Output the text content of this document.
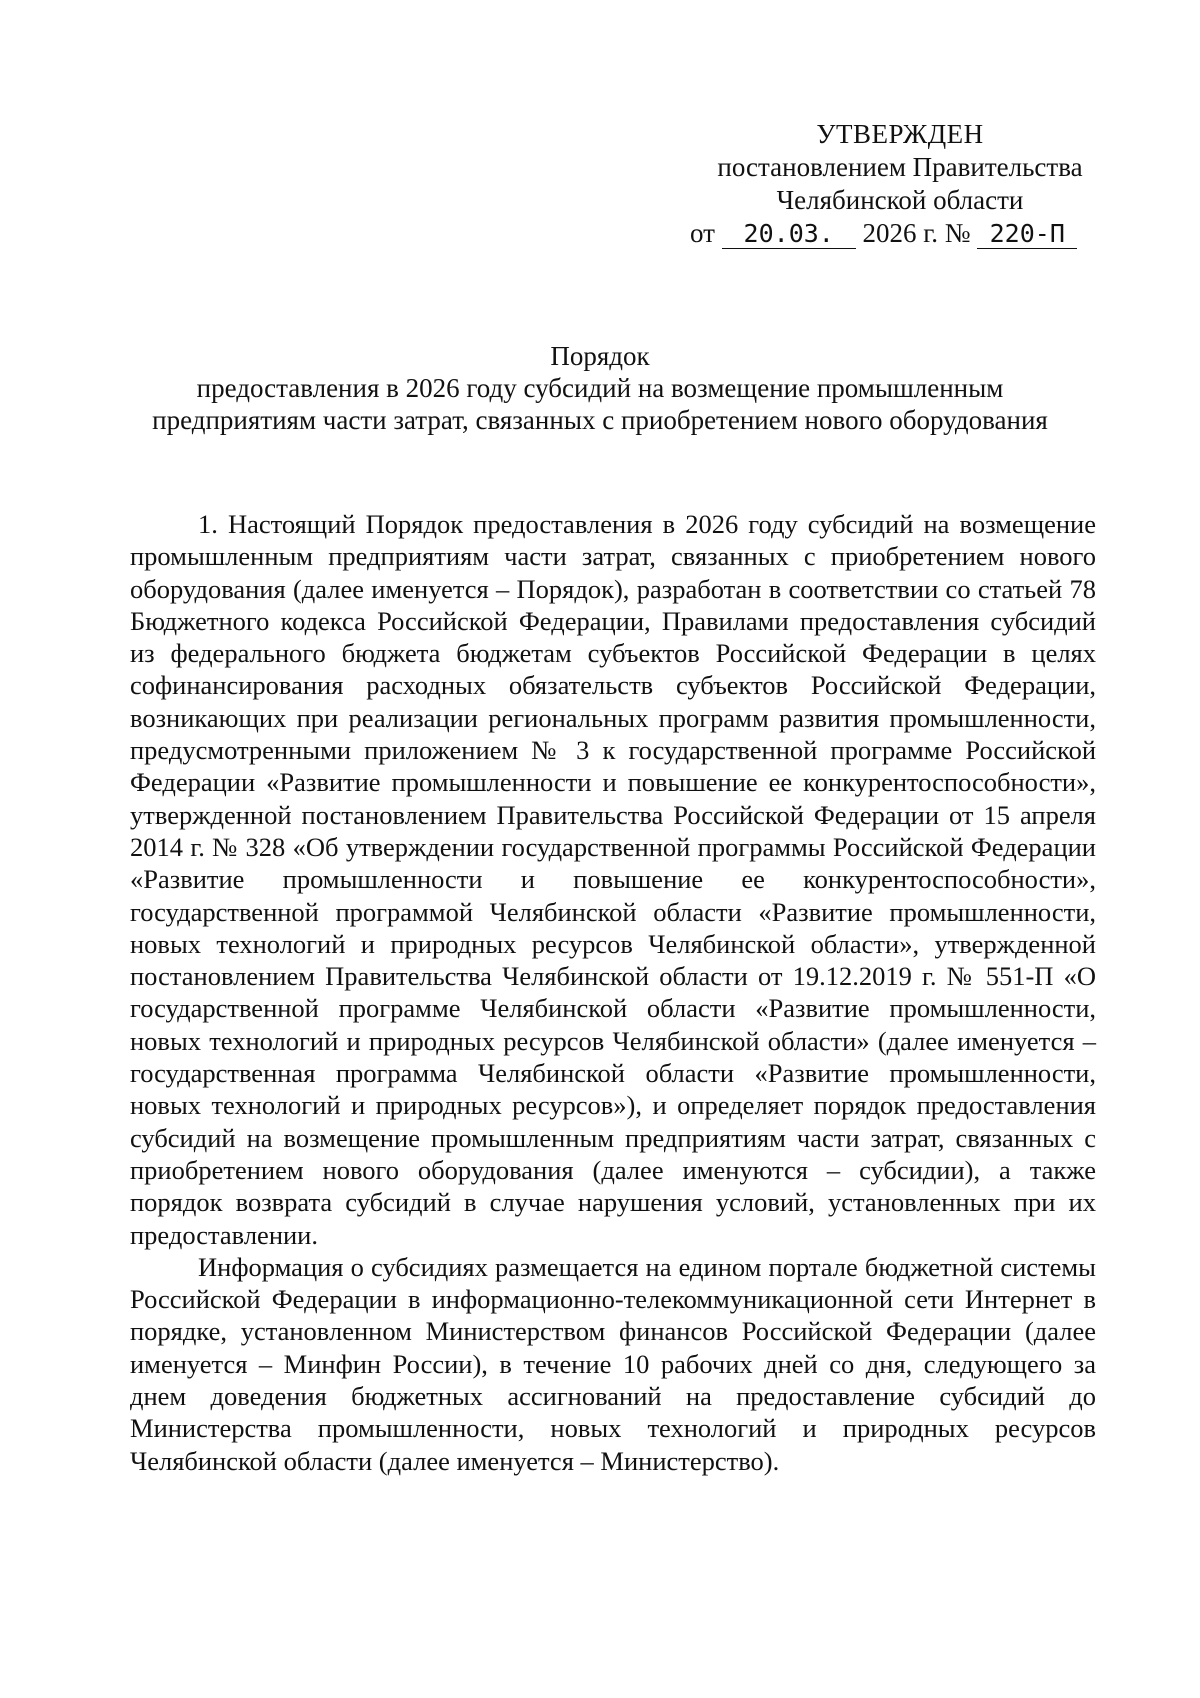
УТВЕРЖДЕН
постановлением Правительства
Челябинской области
от 20.03. 2026 г. № 220-П
Порядок
предоставления в 2026 году субсидий на возмещение промышленным
предприятиям части затрат, связанных с приобретением нового оборудования

1. Настоящий Порядок предоставления в 2026 году субсидий на возмещение промышленным предприятиям части затрат, связанных с приобретением нового оборудования (далее именуется – Порядок), разработан в соответствии со статьей 78 Бюджетного кодекса Российской Федерации, Правилами предоставления субсидий из федерального бюджета бюджетам субъектов Российской Федерации в целях софинансирования расходных обязательств субъектов Российской Федерации, возникающих при реализации региональных программ развития промышленности, предусмотренными приложением № 3 к государственной программе Российской Федерации «Развитие промышленности и повышение ее конкурентоспособности», утвержденной постановлением Правительства Российской Федерации от 15 апреля 2014 г. № 328 «Об утверждении государственной программы Российской Федерации «Развитие промышленности и повышение ее конкурентоспособности», государственной программой Челябинской области «Развитие промышленности, новых технологий и природных ресурсов Челябинской области», утвержденной постановлением Правительства Челябинской области от 19.12.2019 г. № 551-П «О государственной программе Челябинской области «Развитие промышленности, новых технологий и природных ресурсов Челябинской области» (далее именуется – государственная программа Челябинской области «Развитие промышленности, новых технологий и природных ресурсов»), и определяет порядок предоставления субсидий на возмещение промышленным предприятиям части затрат, связанных с приобретением нового оборудования (далее именуются – субсидии), а также порядок возврата субсидий в случае нарушения условий, установленных при их предоставлении.

Информация о субсидиях размещается на едином портале бюджетной системы Российской Федерации в информационно-телекоммуникационной сети Интернет в порядке, установленном Министерством финансов Российской Федерации (далее именуется – Минфин России), в течение 10 рабочих дней со дня, следующего за днем доведения бюджетных ассигнований на предоставление субсидий до Министерства промышленности, новых технологий и природных ресурсов Челябинской области (далее именуется – Министерство).
